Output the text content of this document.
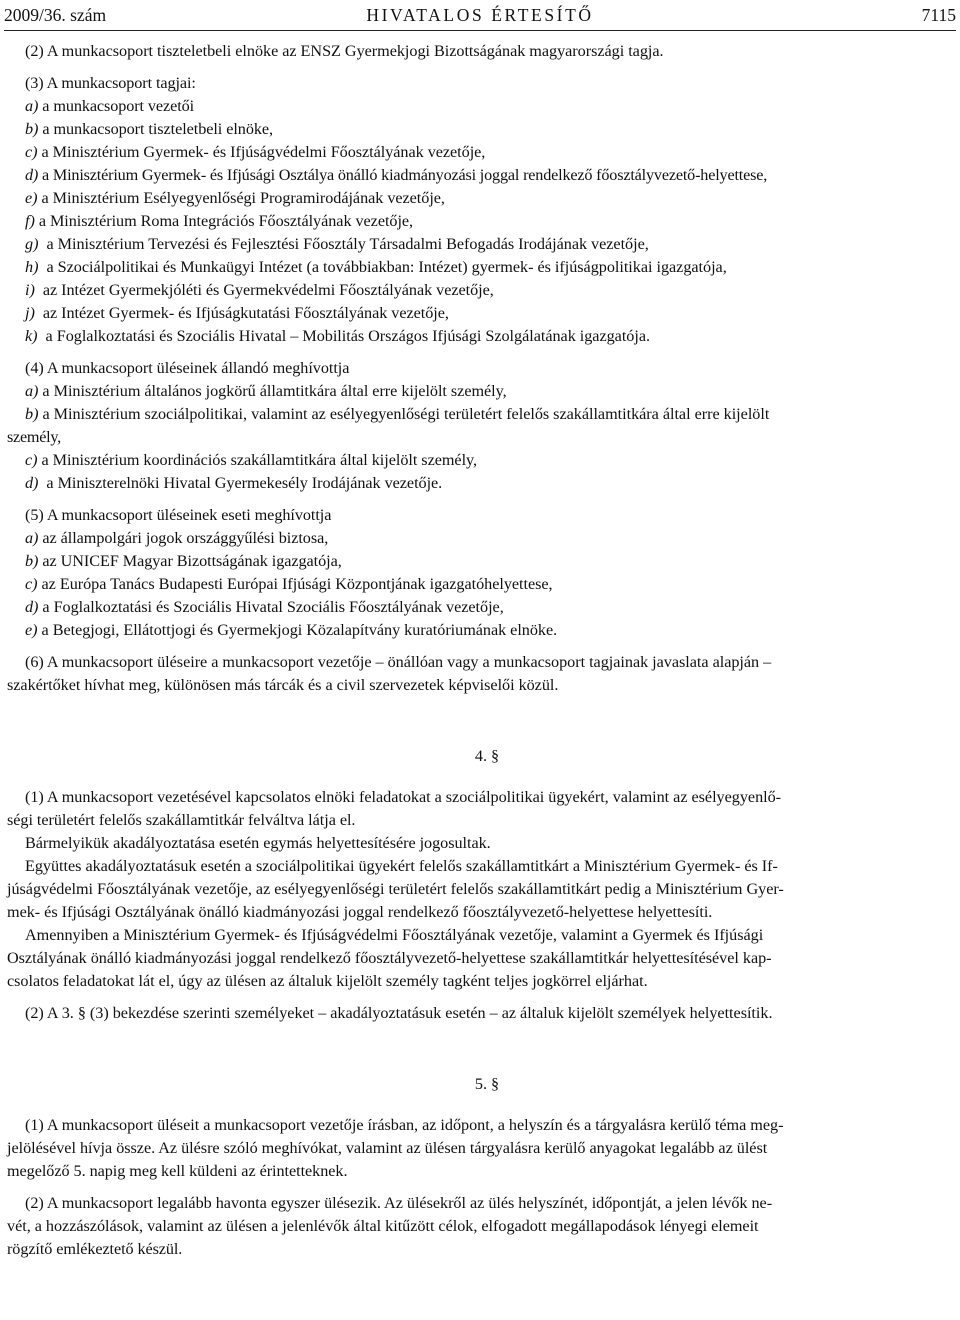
2009/36. szám	HIVATALOS ÉRTESÍTŐ	7115

(2) A munkacsoport tiszteletbeli elnöke az ENSZ Gyermekjogi Bizottságának magyarországi tagja.

(3) A munkacsoport tagjai:

a) a munkacsoport vezetői

b) a munkacsoport tiszteletbeli elnöke,

c) a Minisztérium Gyermek- és Ifjúságvédelmi Főosztályának vezetője,

d) a Minisztérium Gyermek- és Ifjúsági Osztálya önálló kiadmányozási joggal rendelkező főosztályvezető-helyettese,

e) a Minisztérium Esélyegyenlőségi Programirodájának vezetője,

f) a Minisztérium Roma Integrációs Főosztályának vezetője,

g)  a Minisztérium Tervezési és Fejlesztési Főosztály Társadalmi Befogadás Irodájának vezetője,

h)  a Szociálpolitikai és Munkaügyi Intézet (a továbbiakban: Intézet) gyermek- és ifjúságpolitikai igazgatója,

i)  az Intézet Gyermekjóléti és Gyermekvédelmi Főosztályának vezetője,

j)  az Intézet Gyermek- és Ifjúságkutatási Főosztályának vezetője,

k)  a Foglalkoztatási és Szociális Hivatal – Mobilitás Országos Ifjúsági Szolgálatának igazgatója.

(4) A munkacsoport üléseinek állandó meghívottja

a) a Minisztérium általános jogkörű államtitkára által erre kijelölt személy,

b) a Minisztérium szociálpolitikai, valamint az esélyegyenlőségi területért felelős szakállamtitkára által erre kijelölt

személy,

c) a Minisztérium koordinációs szakállamtitkára által kijelölt személy,

d)  a Miniszterelnöki Hivatal Gyermekesély Irodájának vezetője.

(5) A munkacsoport üléseinek eseti meghívottja

a) az állampolgári jogok országgyűlési biztosa,

b) az UNICEF Magyar Bizottságának igazgatója,

c) az Európa Tanács Budapesti Európai Ifjúsági Központjának igazgatóhelyettese,

d) a Foglalkoztatási és Szociális Hivatal Szociális Főosztályának vezetője,

e) a Betegjogi, Ellátottjogi és Gyermekjogi Közalapítvány kuratóriumának elnöke.

(6) A munkacsoport üléseire a munkacsoport vezetője – önállóan vagy a munkacsoport tagjainak javaslata alapján –

szakértőket hívhat meg, különösen más tárcák és a civil szervezetek képviselői közül.

4. §

(1) A munkacsoport vezetésével kapcsolatos elnöki feladatokat a szociálpolitikai ügyekért, valamint az esélyegyenlő-

ségi területért felelős szakállamtitkár felváltva látja el.

Bármelyikük akadályoztatása esetén egymás helyettesítésére jogosultak.

Együttes akadályoztatásuk esetén a szociálpolitikai ügyekért felelős szakállamtitkárt a Minisztérium Gyermek- és If-

júságvédelmi Főosztályának vezetője, az esélyegyenlőségi területért felelős szakállamtitkárt pedig a Minisztérium Gyer-

mek- és Ifjúsági Osztályának önálló kiadmányozási joggal rendelkező főosztályvezető-helyettese helyettesíti.

Amennyiben a Minisztérium Gyermek- és Ifjúságvédelmi Főosztályának vezetője, valamint a Gyermek és Ifjúsági

Osztályának önálló kiadmányozási joggal rendelkező főosztályvezető-helyettese szakállamtitkár helyettesítésével kap-

csolatos feladatokat lát el, úgy az ülésen az általuk kijelölt személy tagként teljes jogkörrel eljárhat.

(2) A 3. § (3) bekezdése szerinti személyeket – akadályoztatásuk esetén – az általuk kijelölt személyek helyettesítik.

5. §

(1) A munkacsoport üléseit a munkacsoport vezetője írásban, az időpont, a helyszín és a tárgyalásra kerülő téma meg-

jelölésével hívja össze. Az ülésre szóló meghívókat, valamint az ülésen tárgyalásra kerülő anyagokat legalább az ülést

megelőző 5. napig meg kell küldeni az érintetteknek.

(2) A munkacsoport legalább havonta egyszer ülésezik. Az ülésekről az ülés helyszínét, időpontját, a jelen lévők ne-

vét, a hozzászólások, valamint az ülésen a jelenlévők által kitűzött célok, elfogadott megállapodások lényegi elemeit

rögzítő emlékeztető készül.
